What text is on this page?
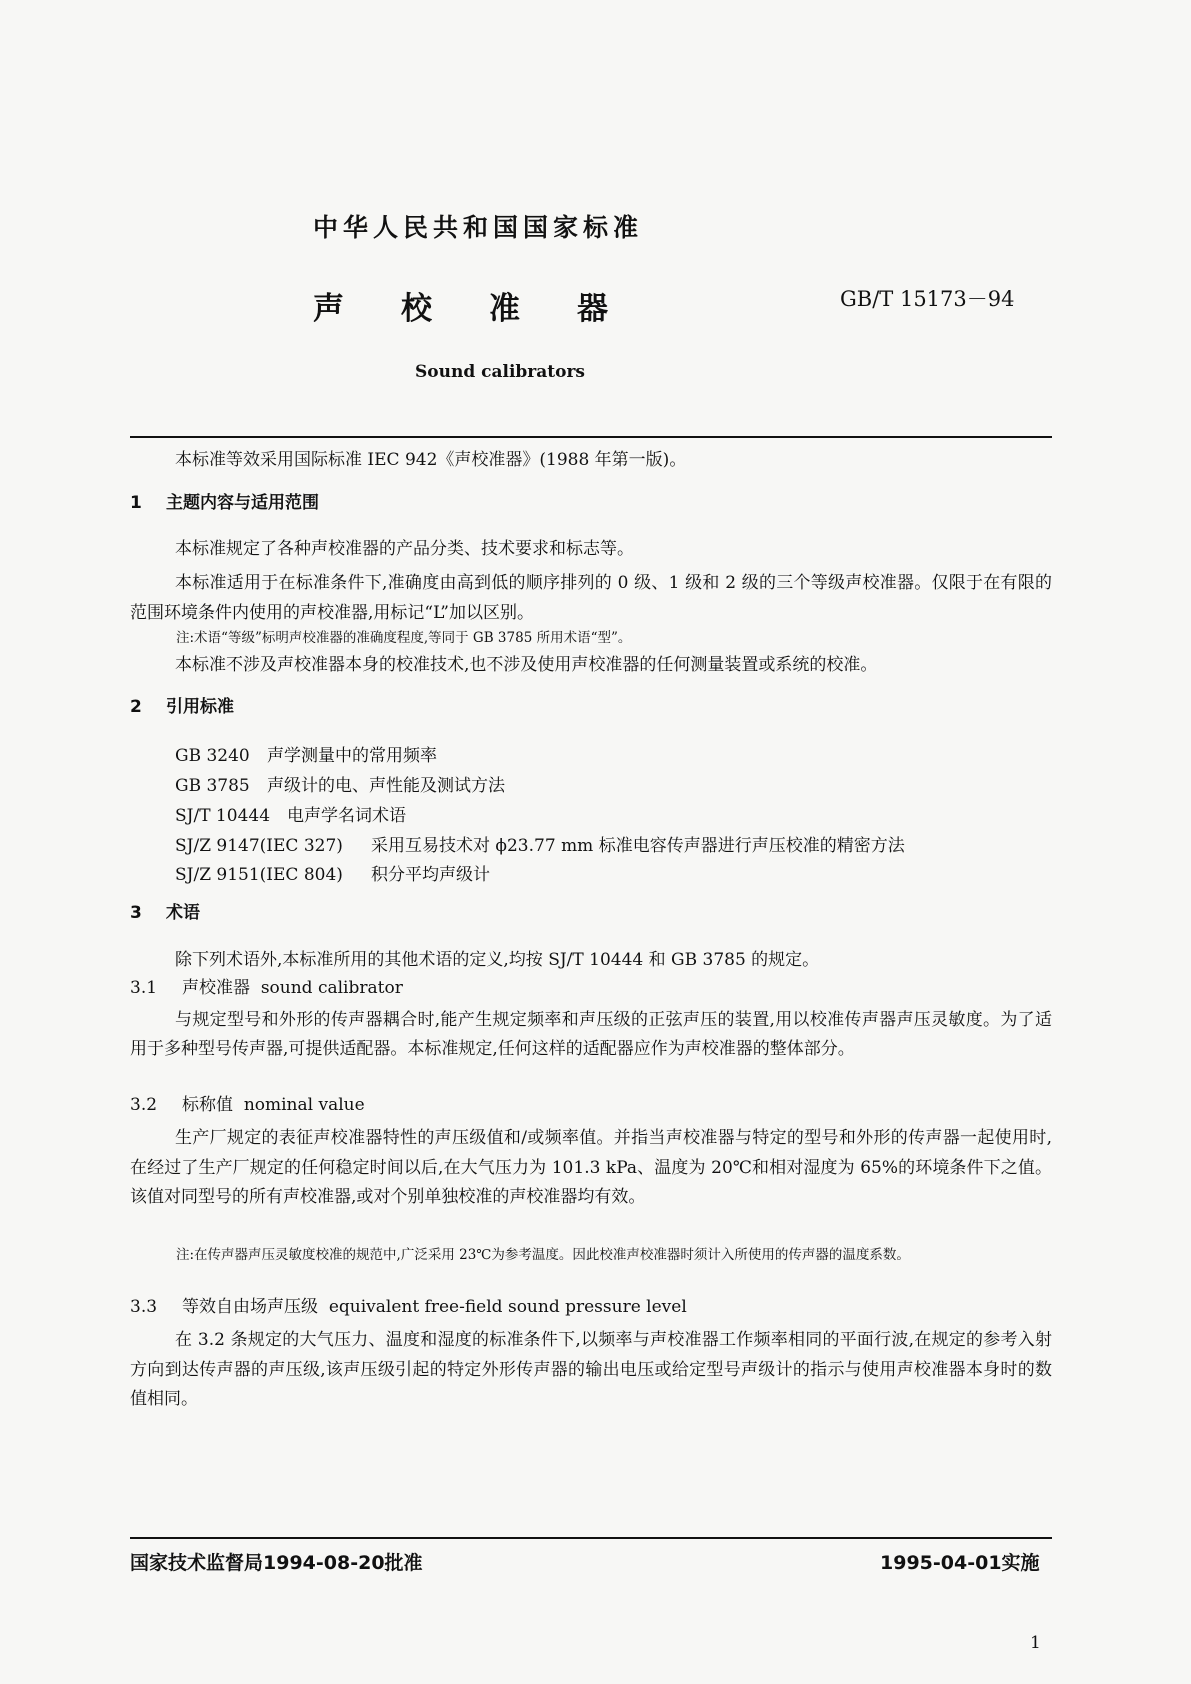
中华人民共和国国家标准
声	校	准	器	GB/T 15173－94
Sound calibrators
本标准等效采用国际标准 IEC 942《声校准器》(1988 年第一版)。
1 主题内容与适用范围
本标准规定了各种声校准器的产品分类、技术要求和标志等。
本标准适用于在标准条件下,准确度由高到低的顺序排列的 0 级、1 级和 2 级的三个等级声校准器。仅限于在有限的范围环境条件内使用的声校准器,用标记“L”加以区别。
注:术语“等级”标明声校准器的准确度程度,等同于 GB 3785 所用术语“型”。
本标准不涉及声校准器本身的校准技术,也不涉及使用声校准器的任何测量装置或系统的校准。
2 引用标准
GB 3240 声学测量中的常用频率
GB 3785 声级计的电、声性能及测试方法
SJ/T 10444 电声学名词术语
SJ/Z 9147(IEC 327) 采用互易技术对 ϕ23.77 mm 标准电容传声器进行声压校准的精密方法
SJ/Z 9151(IEC 804) 积分平均声级计
3 术语
除下列术语外,本标准所用的其他术语的定义,均按 SJ/T 10444 和 GB 3785 的规定。
3.1 声校准器 sound calibrator
与规定型号和外形的传声器耦合时,能产生规定频率和声压级的正弦声压的装置,用以校准传声器声压灵敏度。为了适用于多种型号传声器,可提供适配器。本标准规定,任何这样的适配器应作为声校准器的整体部分。
3.2 标称值 nominal value
生产厂规定的表征声校准器特性的声压级值和/或频率值。并指当声校准器与特定的型号和外形的传声器一起使用时,在经过了生产厂规定的任何稳定时间以后,在大气压力为 101.3 kPa、温度为 20℃和相对湿度为 65%的环境条件下之值。该值对同型号的所有声校准器,或对个别单独校准的声校准器均有效。
注:在传声器声压灵敏度校准的规范中,广泛采用 23℃为参考温度。因此校准声校准器时须计入所使用的传声器的温度系数。
3.3 等效自由场声压级 equivalent free-field sound pressure level
在 3.2 条规定的大气压力、温度和湿度的标准条件下,以频率与声校准器工作频率相同的平面行波,在规定的参考入射方向到达传声器的声压级,该声压级引起的特定外形传声器的输出电压或给定型号声级计的指示与使用声校准器本身时的数值相同。
国家技术监督局1994-08-20批准	1995-04-01实施
1
